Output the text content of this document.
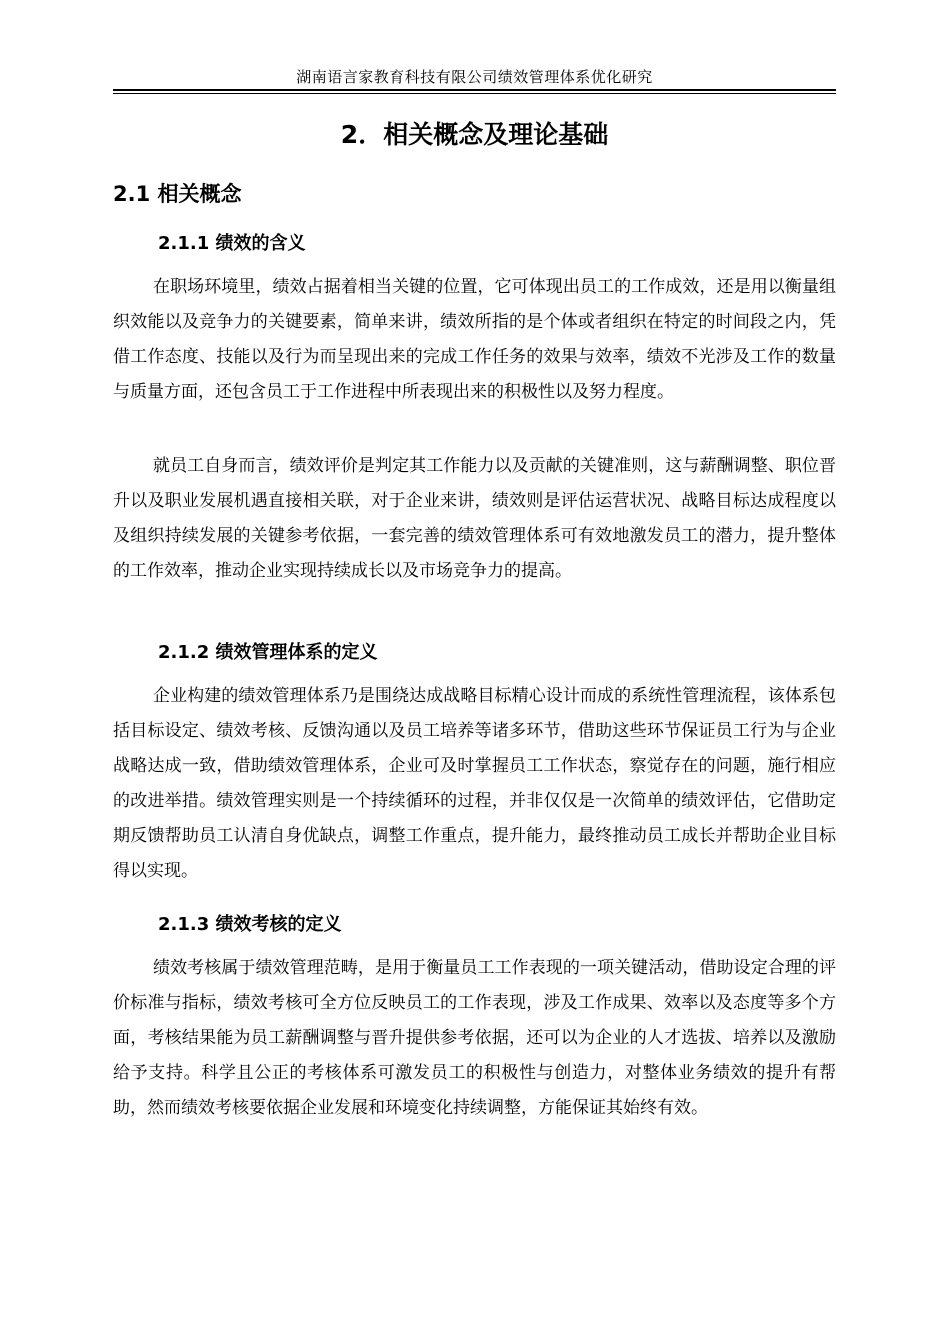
湖南语言家教育科技有限公司绩效管理体系优化研究
2．相关概念及理论基础
2.1 相关概念
2.1.1 绩效的含义

在职场环境里，绩效占据着相当关键的位置，它可体现出员工的工作成效，还是用以衡量组织效能以及竞争力的关键要素，简单来讲，绩效所指的是个体或者组织在特定的时间段之内，凭借工作态度、技能以及行为而呈现出来的完成工作任务的效果与效率，绩效不光涉及工作的数量与质量方面，还包含员工于工作进程中所表现出来的积极性以及努力程度。

就员工自身而言，绩效评价是判定其工作能力以及贡献的关键准则，这与薪酬调整、职位晋升以及职业发展机遇直接相关联，对于企业来讲，绩效则是评估运营状况、战略目标达成程度以及组织持续发展的关键参考依据，一套完善的绩效管理体系可有效地激发员工的潜力，提升整体的工作效率，推动企业实现持续成长以及市场竞争力的提高。

2.1.2 绩效管理体系的定义

企业构建的绩效管理体系乃是围绕达成战略目标精心设计而成的系统性管理流程，该体系包括目标设定、绩效考核、反馈沟通以及员工培养等诸多环节，借助这些环节保证员工行为与企业战略达成一致，借助绩效管理体系，企业可及时掌握员工工作状态，察觉存在的问题，施行相应的改进举措。绩效管理实则是一个持续循环的过程，并非仅仅是一次简单的绩效评估，它借助定期反馈帮助员工认清自身优缺点，调整工作重点，提升能力，最终推动员工成长并帮助企业目标得以实现。

2.1.3 绩效考核的定义

绩效考核属于绩效管理范畴，是用于衡量员工工作表现的一项关键活动，借助设定合理的评价标准与指标，绩效考核可全方位反映员工的工作表现，涉及工作成果、效率以及态度等多个方面，考核结果能为员工薪酬调整与晋升提供参考依据，还可以为企业的人才选拔、培养以及激励给予支持。科学且公正的考核体系可激发员工的积极性与创造力，对整体业务绩效的提升有帮助，然而绩效考核要依据企业发展和环境变化持续调整，方能保证其始终有效。
